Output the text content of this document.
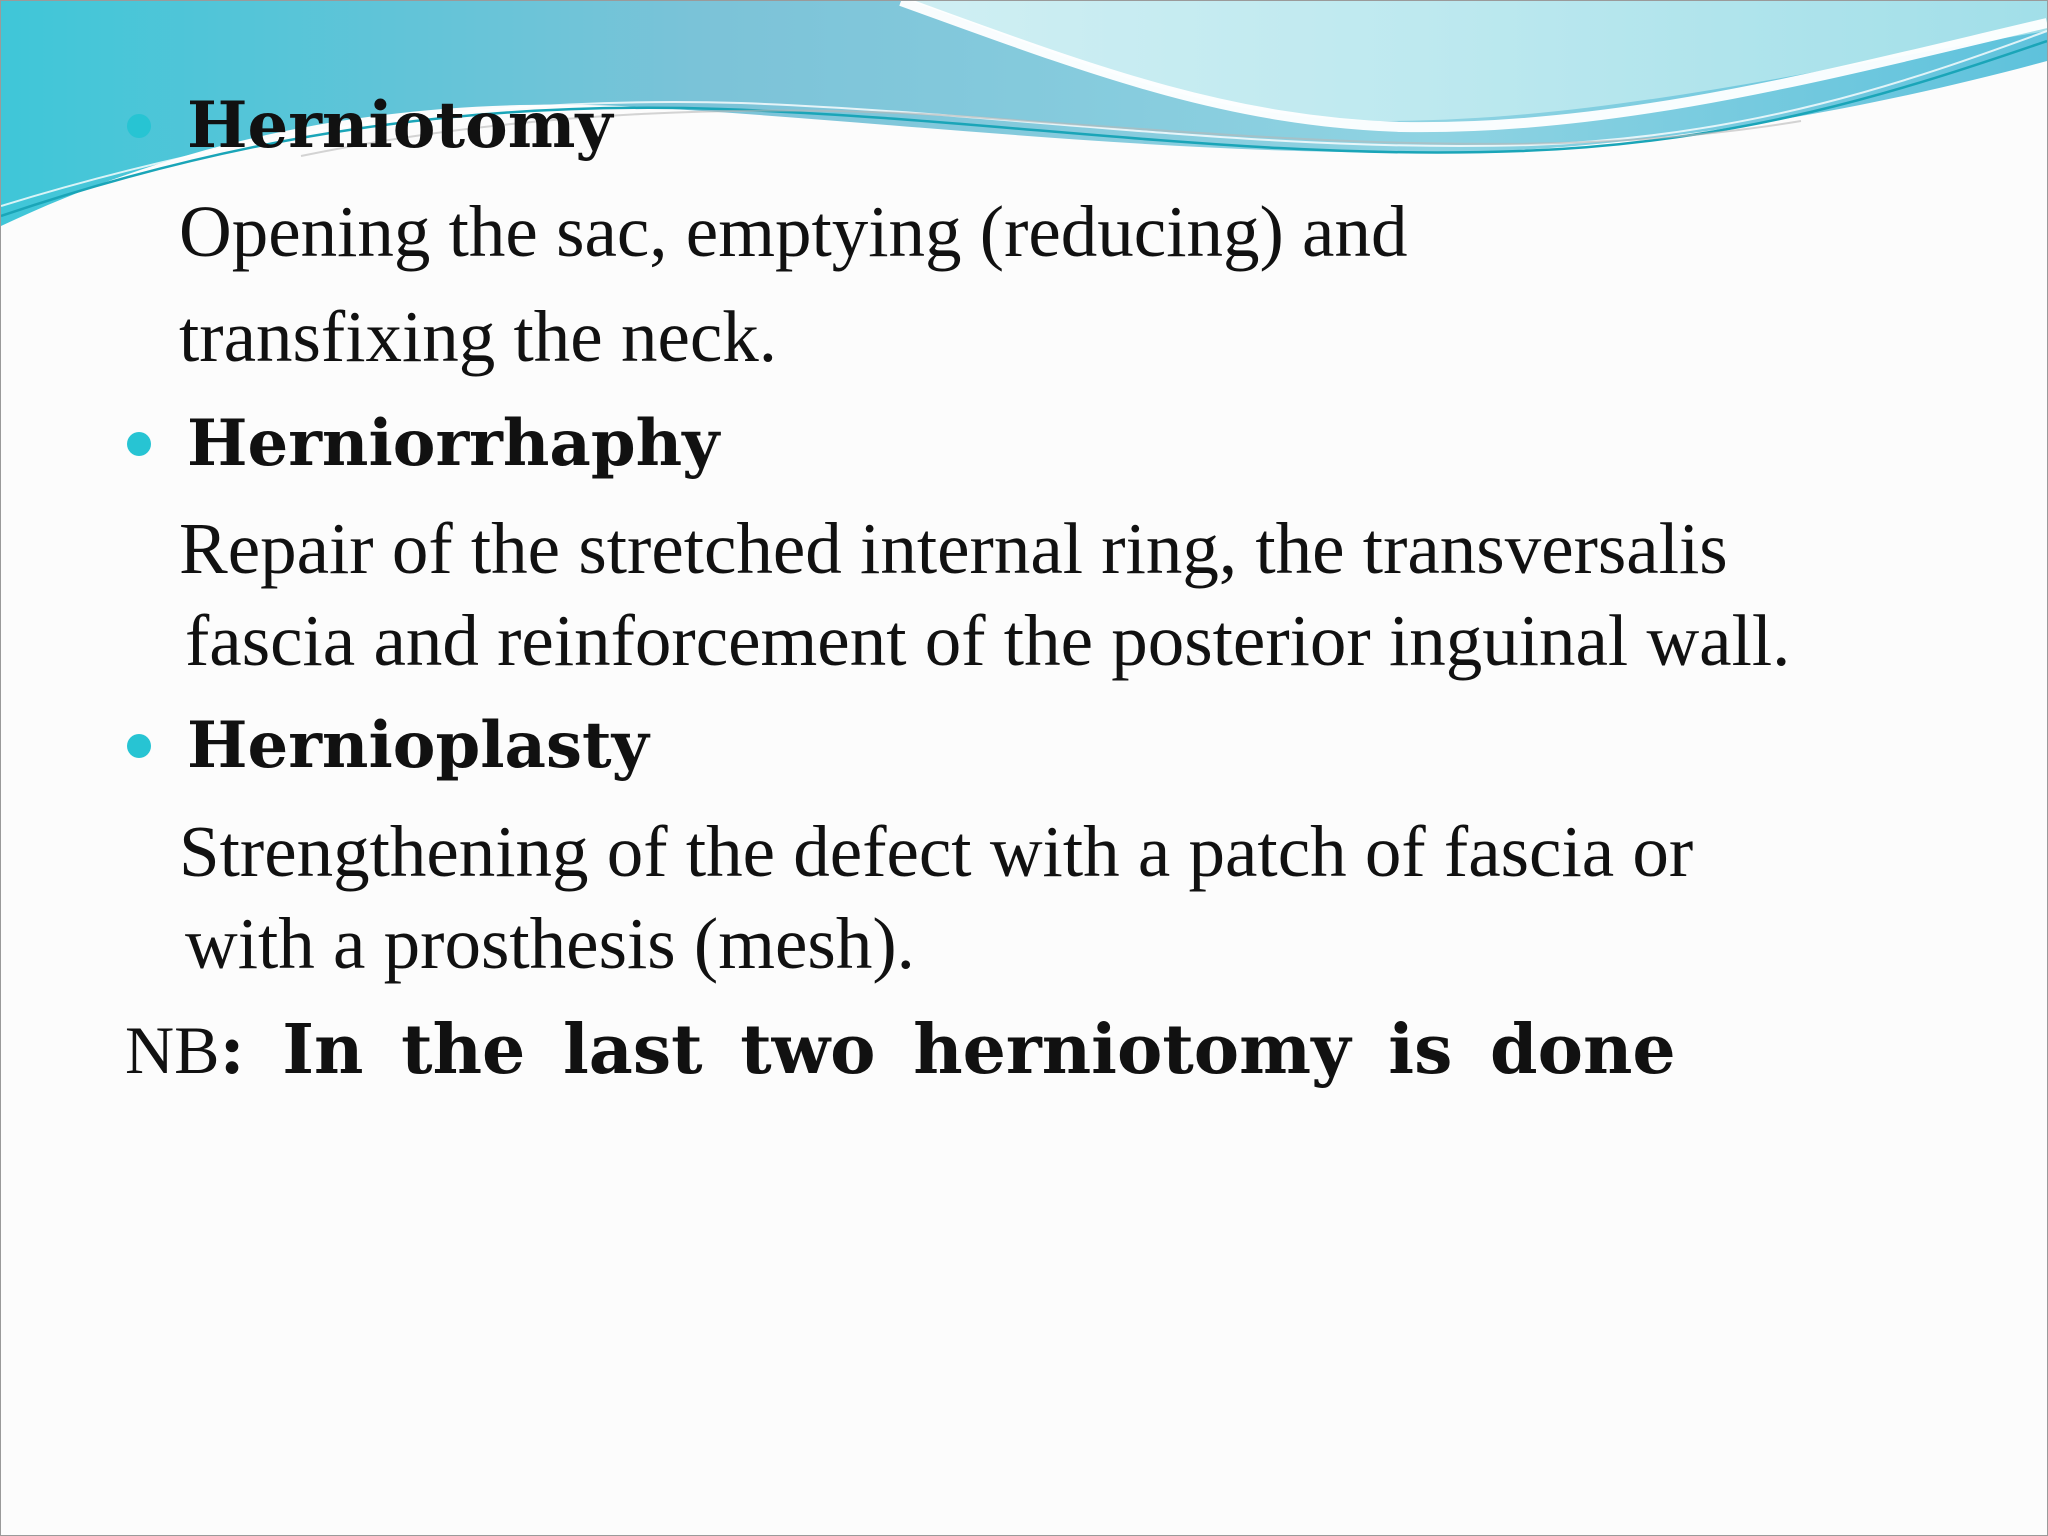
Herniotomy
Opening the sac, emptying (reducing) and
transfixing the neck.
Herniorrhaphy
Repair of the stretched internal ring, the transversalis
fascia and reinforcement of the posterior inguinal wall.
Hernioplasty
Strengthening of the defect with a patch of fascia or
with a prosthesis (mesh).
NB: In the last two herniotomy is done
